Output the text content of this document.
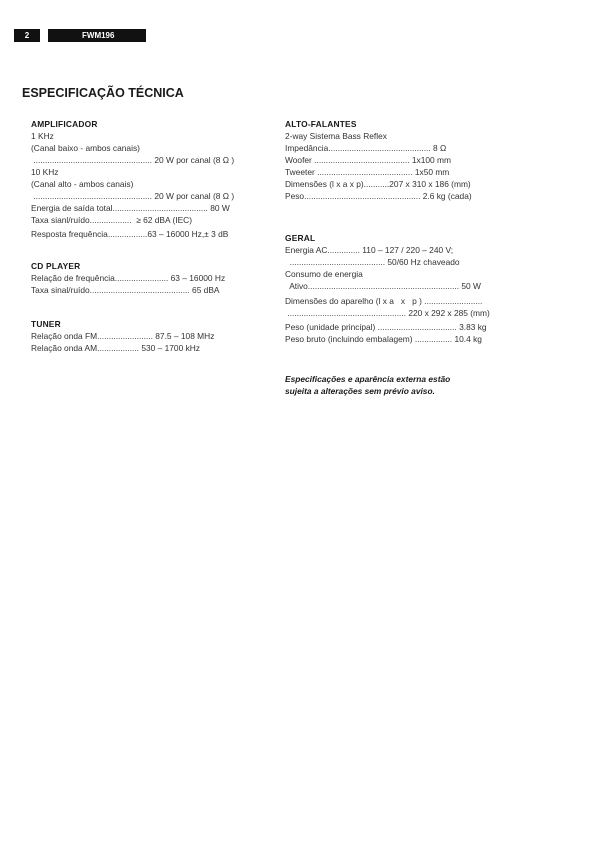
2	FWM196
ESPECIFICAÇÃO TÉCNICA
AMPLIFICADOR
1 KHz
(Canal baixo - ambos canais)
................................................... 20 W por canal (8 Ω )
10 KHz
(Canal alto - ambos canais)
................................................... 20 W por canal (8 Ω )
Energia de saída total......................................... 80 W
Taxa sianl/ruído..................  ≥ 62 dBA (IEC)
Resposta frequência.................63 – 16000 Hz,± 3 dB
CD PLAYER
Relação de frequência....................... 63 – 16000 Hz
Taxa sinal/ruído........................................... 65 dBA
TUNER
Relação onda FM........................ 87.5 – 108 MHz
Relação onda AM.................. 530 – 1700 kHz
ALTO-FALANTES
2-way Sistema Bass Reflex
Impedância............................................ 8 Ω
Woofer ......................................... 1x100 mm
Tweeter ......................................... 1x50 mm
Dimensões (l x a x p)...........207 x 310 x 186 (mm)
Peso.................................................. 2.6 kg (cada)
GERAL
Energia AC.............. 110 – 127 / 220 – 240 V;
......................................... 50/60 Hz chaveado
Consumo de energia
Ativo................................................................. 50 W
Dimensões do aparelho (l x a   x   p ) .........................
................................................... 220 x 292 x 285 (mm)
Peso (unidade principal) .................................. 3.83 kg
Peso bruto (incluindo embalagem) ................ 10.4 kg
Especificações e aparência externa estão
sujeita a alterações sem prévio aviso.
